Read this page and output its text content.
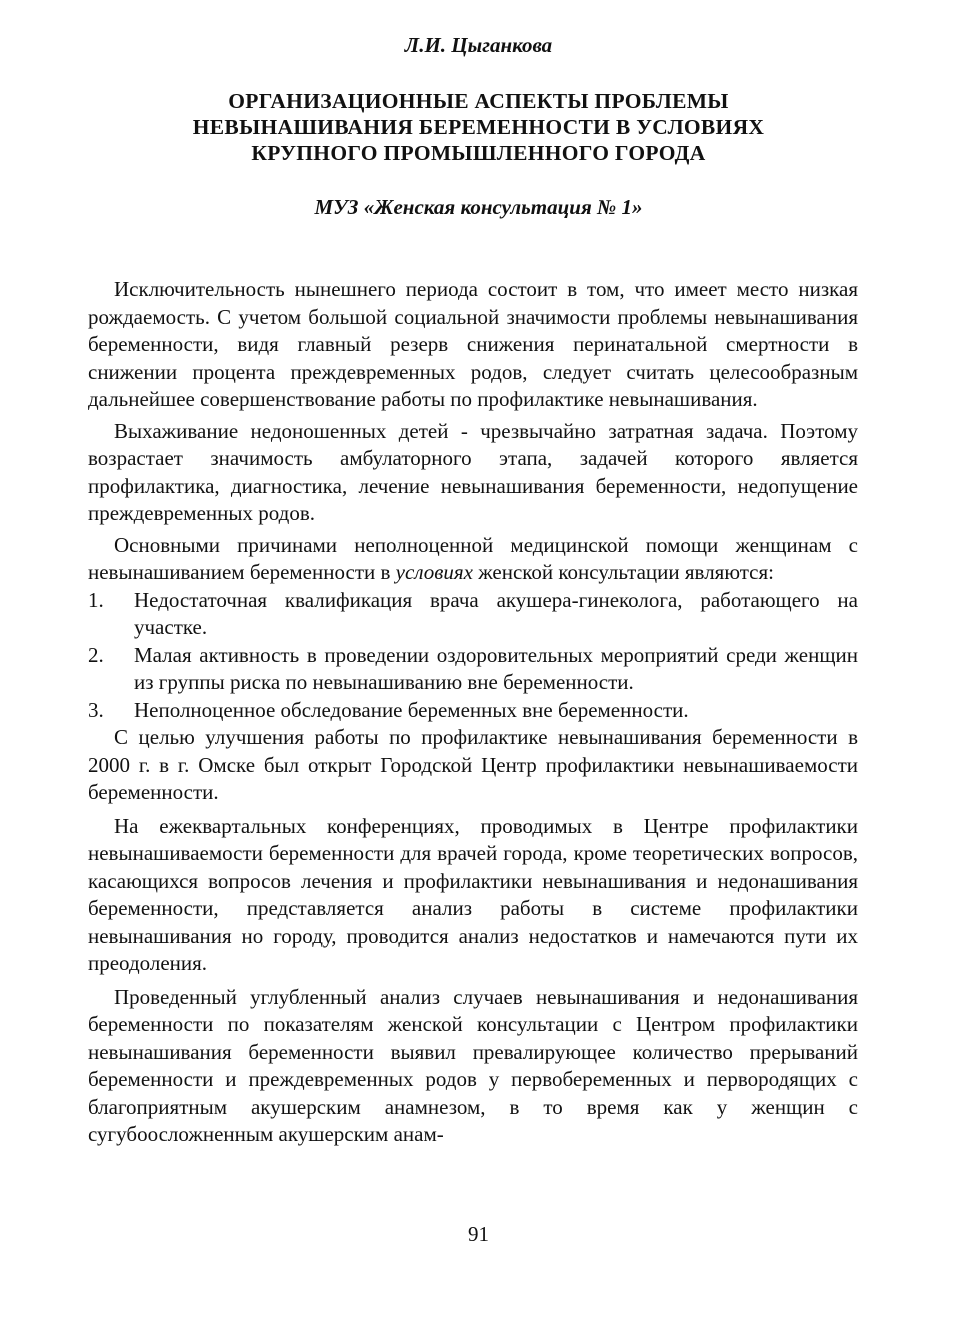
Л.И. Цыганкова
ОРГАНИЗАЦИОННЫЕ АСПЕКТЫ ПРОБЛЕМЫ
НЕВЫНАШИВАНИЯ БЕРЕМЕННОСТИ В УСЛОВИЯХ
КРУПНОГО ПРОМЫШЛЕННОГО ГОРОДА
МУЗ «Женская консультация № 1»

Исключительность нынешнего периода состоит в том, что имеет место низкая рождаемость. С учетом большой социальной значимости проблемы невынашивания беременности, видя главный резерв снижения перинатальной смертности в снижении процента преждевременных родов, следует считать целесообразным дальнейшее совершенствование работы по профилактике невынашивания.

Выхаживание недоношенных детей - чрезвычайно затратная задача. Поэтому возрастает значимость амбулаторного этапа, задачей которого является профилактика, диагностика, лечение невынашивания беременности, недопущение преждевременных родов.

Основными причинами неполноценной медицинской помощи женщинам с невынашиванием беременности в условиях женской консультации являются:

1. Недостаточная квалификация врача акушера-гинеколога, работающего на участке.
2. Малая активность в проведении оздоровительных мероприятий среди женщин из группы риска по невынашиванию вне беременности.
3. Неполноценное обследование беременных вне беременности.

С целью улучшения работы по профилактике невынашивания беременности в 2000 г. в г. Омске был открыт Городской Центр профилактики невынашиваемости беременности.

На ежеквартальных конференциях, проводимых в Центре профилактики невынашиваемости беременности для врачей города, кроме теоретических вопросов, касающихся вопросов лечения и профилактики невынашивания и недонашивания беременности, представляется анализ работы в системе профилактики невынашивания но городу, проводится анализ недостатков и намечаются пути их преодоления.

Проведенный углубленный анализ случаев невынашивания и недонашивания беременности по показателям женской консультации с Центром профилактики невынашивания беременности выявил превалирующее количество прерываний беременности и преждевременных родов у первобеременных и первородящих с благоприятным акушерским анамнезом, в то время как у женщин с сугубоосложненным акушерским анам-

91
